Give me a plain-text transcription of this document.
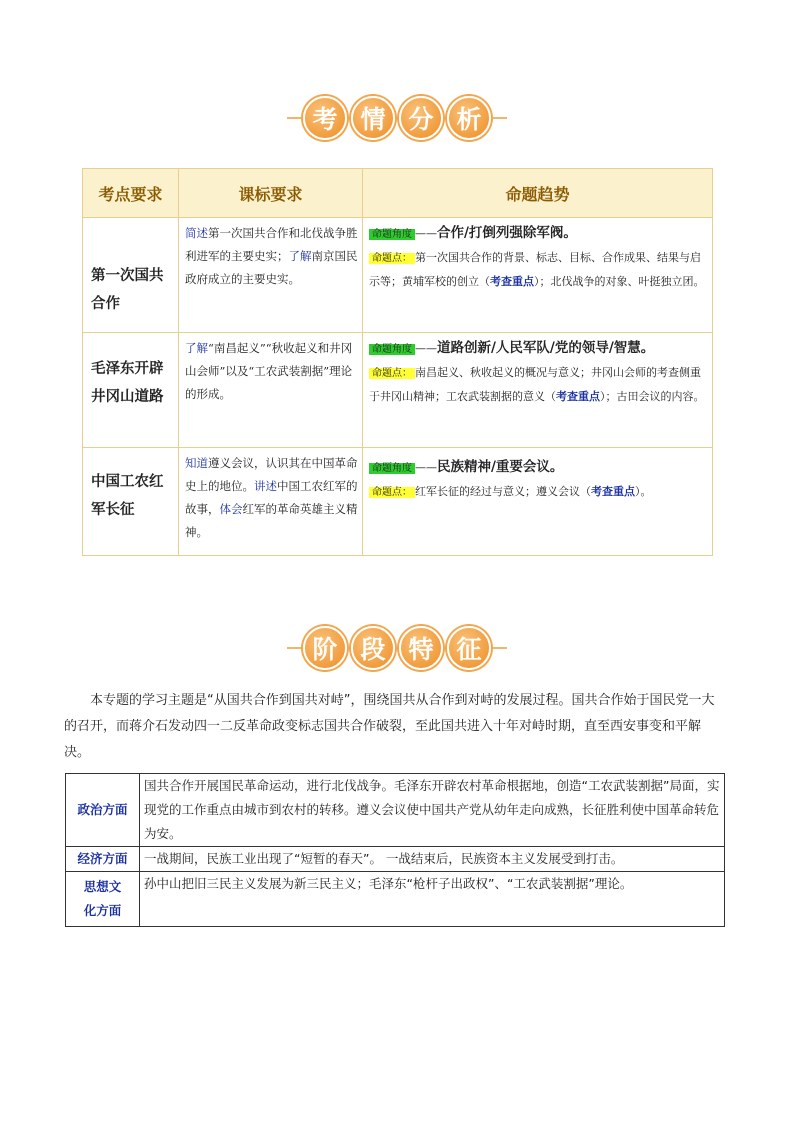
考 情 分 析
考点要求	课标要求	命题趋势
第一次国共合作	简述第一次国共合作和北伐战争胜利进军的主要史实；了解南京国民政府成立的主要史实。	命题角度 ——合作/打倒列强除军阀。
命题点： 第一次国共合作的背景、标志、目标、合作成果、结果与启示等；黄埔军校的创立（考查重点）；北伐战争的对象、叶挺独立团。

毛泽东开辟井冈山道路	了解“南昌起义”“秋收起义和井冈山会师”以及“工农武装割据”理论的形成。	命题角度 ——道路创新/人民军队/党的领导/智慧。
命题点： 南昌起义、秋收起义的概况与意义；井冈山会师的考查侧重于井冈山精神；工农武装割据的意义（考查重点）；古田会议的内容。

中国工农红军长征	知道遵义会议，认识其在中国革命史上的地位。讲述中国工农红军的故事，体会红军的革命英雄主义精神。	命题角度 ——民族精神/重要会议。
命题点： 红军长征的经过与意义；遵义会议（考查重点）。
阶 段 特 征

本专题的学习主题是“从国共合作到国共对峙”，围绕国共从合作到对峙的发展过程。国共合作始于国民党一大的召开，而蒋介石发动四一二反革命政变标志国共合作破裂，至此国共进入十年对峙时期，直至西安事变和平解决。

政治方面	国共合作开展国民革命运动，进行北伐战争。毛泽东开辟农村革命根据地，创造“工农武装割据”局面，实现党的工作重点由城市到农村的转移。遵义会议使中国共产党从幼年走向成熟，长征胜利使中国革命转危为安。
经济方面	一战期间，民族工业出现了“短暂的春天”。 一战结束后，民族资本主义发展受到打击。
思想文化方面	孙中山把旧三民主义发展为新三民主义；毛泽东“枪杆子出政权”、“工农武装割据”理论。
